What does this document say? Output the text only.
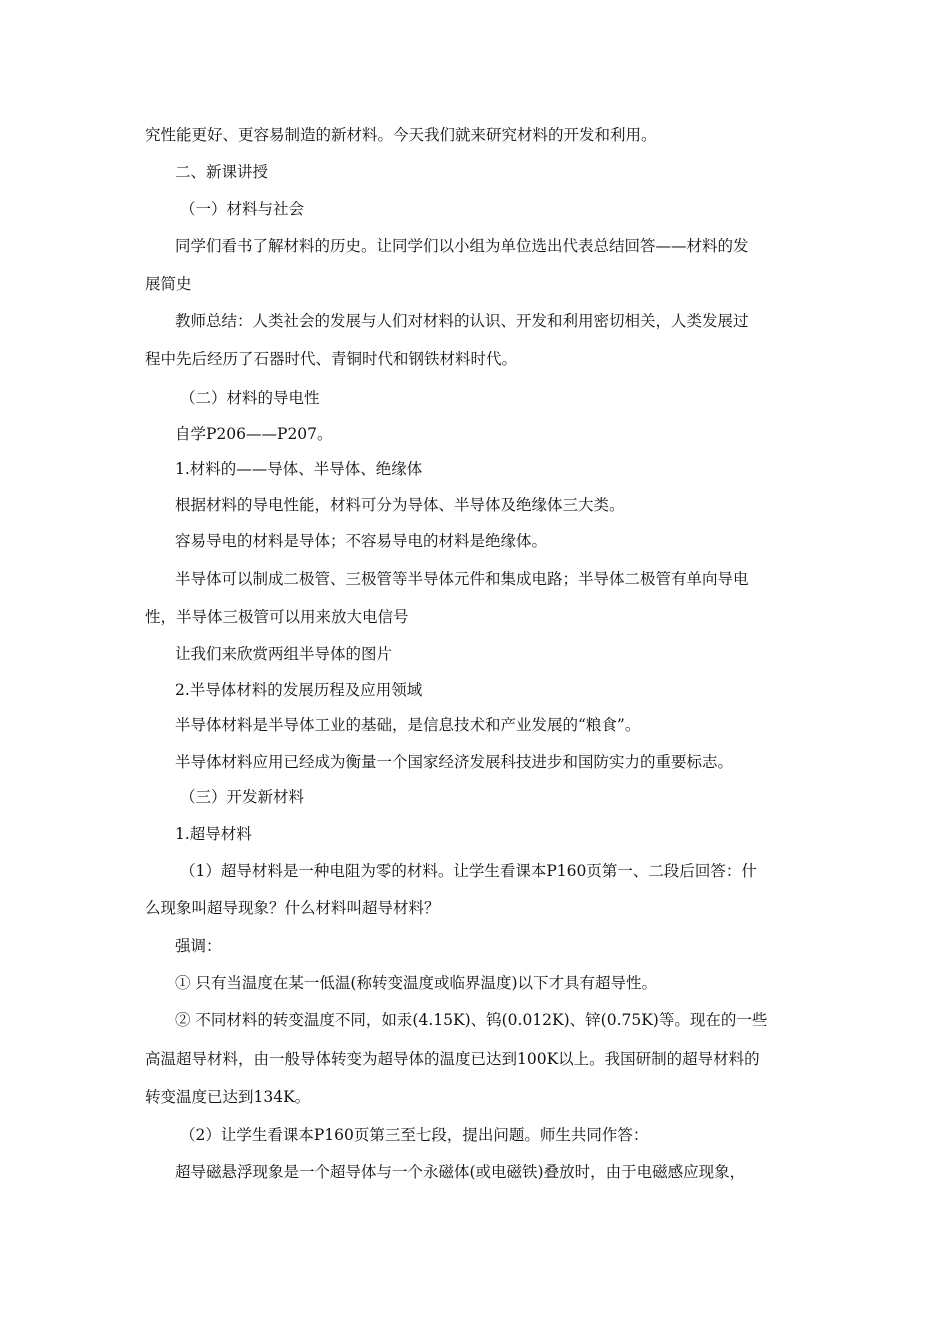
究性能更好、更容易制造的新材料。今天我们就来研究材料的开发和利用。
二、新课讲授
（一）材料与社会
同学们看书了解材料的历史。让同学们以小组为单位选出代表总结回答——材料的发
展简史
教师总结：人类社会的发展与人们对材料的认识、开发和利用密切相关，人类发展过
程中先后经历了石器时代、青铜时代和钢铁材料时代。
（二）材料的导电性
自学P206——P207。
1.材料的——导体、半导体、绝缘体
根据材料的导电性能，材料可分为导体、半导体及绝缘体三大类。
容易导电的材料是导体；不容易导电的材料是绝缘体。
半导体可以制成二极管、三极管等半导体元件和集成电路；半导体二极管有单向导电
性，半导体三极管可以用来放大电信号
让我们来欣赏两组半导体的图片
2.半导体材料的发展历程及应用领域
半导体材料是半导体工业的基础，是信息技术和产业发展的“粮食”。
半导体材料应用已经成为衡量一个国家经济发展科技进步和国防实力的重要标志。
（三）开发新材料
1.超导材料
（1）超导材料是一种电阻为零的材料。让学生看课本P160页第一、二段后回答：什
么现象叫超导现象？什么材料叫超导材料？
强调：
① 只有当温度在某一低温(称转变温度或临界温度)以下才具有超导性。
② 不同材料的转变温度不同，如汞(4.15K)、钨(0.012K)、锌(0.75K)等。现在的一些
高温超导材料，由一般导体转变为超导体的温度已达到100K以上。我国研制的超导材料的
转变温度已达到134K。
（2）让学生看课本P160页第三至七段，提出问题。师生共同作答：
超导磁悬浮现象是一个超导体与一个永磁体(或电磁铁)叠放时，由于电磁感应现象，
